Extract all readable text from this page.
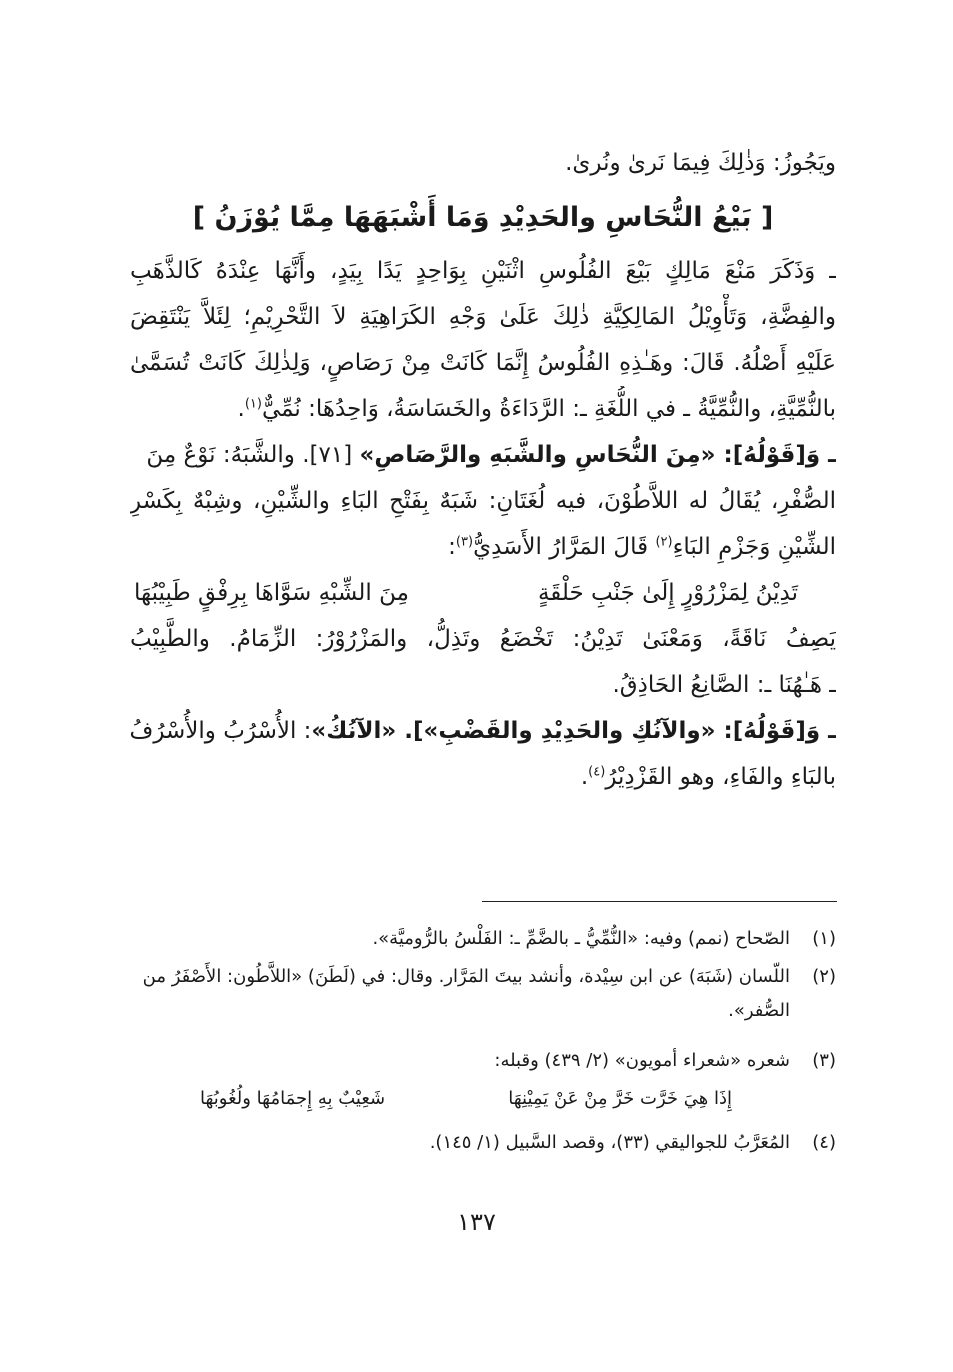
ويَجُوزُ: وَذٰلِكَ فِيمَا نَرىٰ ونُرىٰ.
[ بَيْعُ النُّحَاسِ والحَدِيْدِ وَمَا أَشْبَهَهَا مِمَّا يُوْزَنُ ]
ـ وَذَكَرَ مَنْعَ مَالِكٍ بَيْعَ الفُلُوسِ اثْنَيْنِ بِوَاحِدٍ يَدًا بِيَدٍ، وأَنَّهَا عِنْدَهُ كَالذَّهَبِ
والفِضَّةِ، وَتَأْوِيْلُ المَالِكِيَّةِ ذٰلِكَ عَلَىٰ وَجْهِ الكَرَاهِيَةِ لاَ التَّحْرِيْمِ؛ لِئَلاَّ يَنْتَقِضَ
عَلَيْهِ أَصْلُهُ. قَالَ: وهَـٰذِهِ الفُلُوسُ إِنَّمَا كَانَتْ مِنْ رَصَاصٍ، وَلِذٰلِكَ كَانَتْ تُسَمَّىٰ
بالنُّمِّيَّةِ، والنُّمِّيَّةُ ـ في اللُّغَةِ ـ: الرَّدَاءَةُ والخَسَاسَةُ، وَاحِدُهَا: نُمِّيٌّ$^{(١)}$.
ـ وَ[قَوْلُهُ]: «مِنَ النُّحَاسِ والشَّبَهِ والرَّصَاصِ» [٧١]. والشَّبَهُ: نَوْعٌ مِنَ
الصُّفْرِ، يُقَالُ له اللاَّطُوْنَ، فيه لُغَتَانِ: شَبَهٌ بِفَتْحِ البَاءِ والشِّيْنِ، وشِبْهٌ بِكَسْرِ
الشِّيْنِ وَجَزْمِ البَاءِ$^{(٢)}$ قَالَ المَرَّارُ الأَسَدِيُّ$^{(٣)}$:
تَدِيْنُ لِمَزْرُوْرٍ إِلَىٰ جَنْبِ حَلْقَةٍ
مِنَ الشِّبْهِ سَوَّاهَا بِرِفْقٍ طَبِيْبُهَا
يَصِفُ نَاقَةً، وَمَعْنَىٰ تَدِيْنُ: تَخْضَعُ وتَذِلُّ، والمَزْرُوْرُ: الزِّمَامُ. والطَّبِيْبُ
ـ هَـٰهُنَا ـ: الصَّانِعُ الحَاذِقُ.
ـ وَ[قَوْلُهُ]: «والآنُكِ والحَدِيْدِ والقَضْبِ»]. «الآنُكُ»: الأُسْرُبُ والأُسْرُفُ
بالبَاءِ والفَاءِ، وهو القَزْدِيْرُ$^{(٤)}$.
(١)الصّحاح (نمم) وفيه: «النُّمِّيُّ ـ بالضَّمِّ ـ: الفَلْسُ بالرُّوميَّة».
(٢)اللّسان (شَبَهَ) عن ابن سِيْدة، وأنشد بيتَ المَرَّار. وقال: في (لَطَنَ) «اللاَّطُون: الأَصْفَرُ من
الصُّفر».
(٣)شعره «شعراء أمويون» (٢/ ٤٣٩) وقبله:
إِذَا هِيَ خَرَّت خَرَّ مِنْ عَنْ يَمِيْنِهَا
شَعِيْبٌ بِهِ إِجمَامُهَا ولُغُوبُهَا
(٤)المُعَرَّبُ للجواليقي (٣٣)، وقصد السَّبيل (١/ ١٤٥).
١٣٧
